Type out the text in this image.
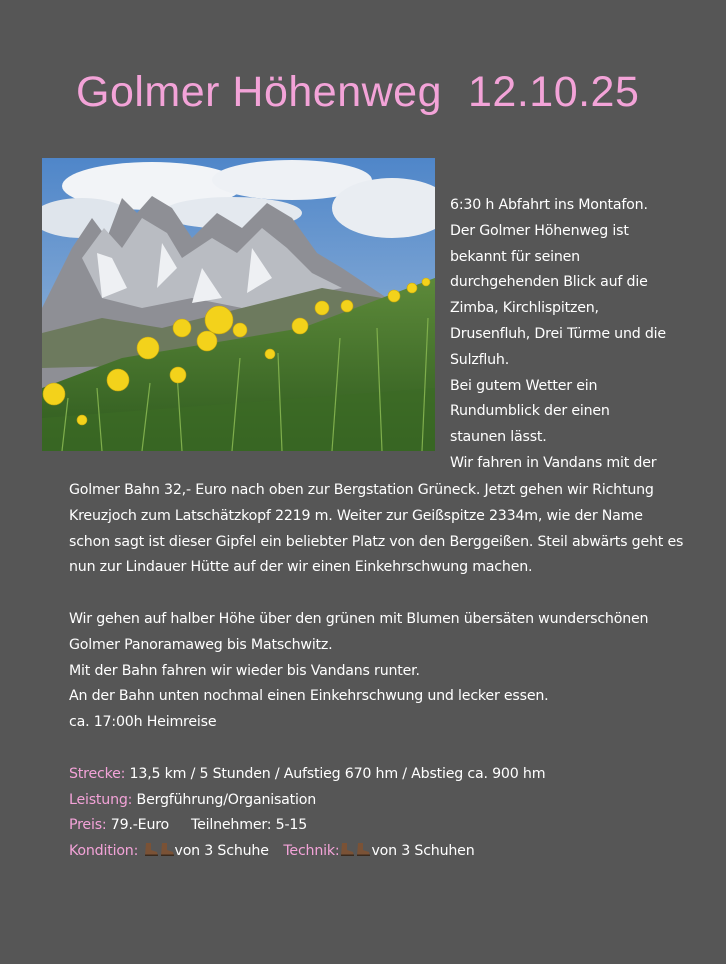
Golmer Höhenweg 12.10.25
6:30 h Abfahrt ins Montafon.
Der Golmer Höhenweg ist
bekannt für seinen
durchgehenden Blick auf die
Zimba, Kirchlispitzen,
Drusenfluh, Drei Türme und die
Sulzfluh.
Bei gutem Wetter ein
Rundumblick der einen
staunen lässt.
Wir fahren in Vandans mit der
Golmer Bahn 32,- Euro nach oben zur Bergstation Grüneck. Jetzt gehen wir Richtung
Kreuzjoch zum Latschätzkopf 2219 m. Weiter zur Geißspitze 2334m, wie der Name
schon sagt ist dieser Gipfel ein beliebter Platz von den Berggeißen. Steil abwärts geht es
nun zur Lindauer Hütte auf der wir einen Einkehrschwung machen.
Wir gehen auf halber Höhe über den grünen mit Blumen übersäten wunderschönen
Golmer Panoramaweg bis Matschwitz.
Mit der Bahn fahren wir wieder bis Vandans runter.
An der Bahn unten nochmal einen Einkehrschwung und lecker essen.
ca. 17:00h Heimreise
Strecke: 13,5 km / 5 Stunden / Aufstieg 670 hm / Abstieg ca. 900 hm
Leistung: Bergführung/Organisation
Preis: 79.-Euro Teilnehmer: 5-15
Kondition:	von 3 Schuhe Technik: von 3 Schuhen
